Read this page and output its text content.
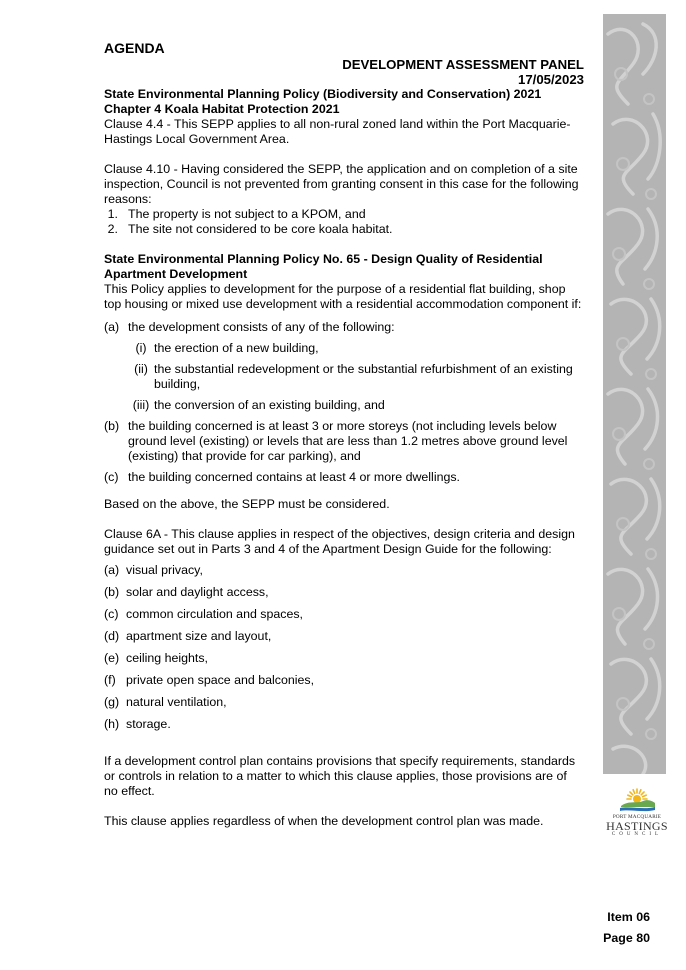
AGENDA
DEVELOPMENT ASSESSMENT PANEL
17/05/2023
State Environmental Planning Policy (Biodiversity and Conservation) 2021
Chapter 4 Koala Habitat Protection 2021

Clause 4.4 - This SEPP applies to all non-rural zoned land within the Port Macquarie-Hastings Local Government Area.

Clause 4.10 - Having considered the SEPP, the application and on completion of a site inspection, Council is not prevented from granting consent in this case for the following reasons:

1. The property is not subject to a KPOM, and
2. The site not considered to be core koala habitat.
State Environmental Planning Policy No. 65 - Design Quality of Residential
Apartment Development

This Policy applies to development for the purpose of a residential flat building, shop top housing or mixed use development with a residential accommodation component if:

(a) the development consists of any of the following:
(i) the erection of a new building,
(ii) the substantial redevelopment or the substantial refurbishment of an existing building,
(iii) the conversion of an existing building, and
(b) the building concerned is at least 3 or more storeys (not including levels below ground level (existing) or levels that are less than 1.2 metres above ground level (existing) that provide for car parking), and
(c) the building concerned contains at least 4 or more dwellings.

Based on the above, the SEPP must be considered.

Clause 6A - This clause applies in respect of the objectives, design criteria and design guidance set out in Parts 3 and 4 of the Apartment Design Guide for the following:

(a) visual privacy,
(b) solar and daylight access,
(c) common circulation and spaces,
(d) apartment size and layout,
(e) ceiling heights,
(f) private open space and balconies,
(g) natural ventilation,
(h) storage.

If a development control plan contains provisions that specify requirements, standards or controls in relation to a matter to which this clause applies, those provisions are of no effect.

This clause applies regardless of when the development control plan was made.	PORT MACQUARIE
HASTINGS
COUNCIL
Item 06
Page 80
